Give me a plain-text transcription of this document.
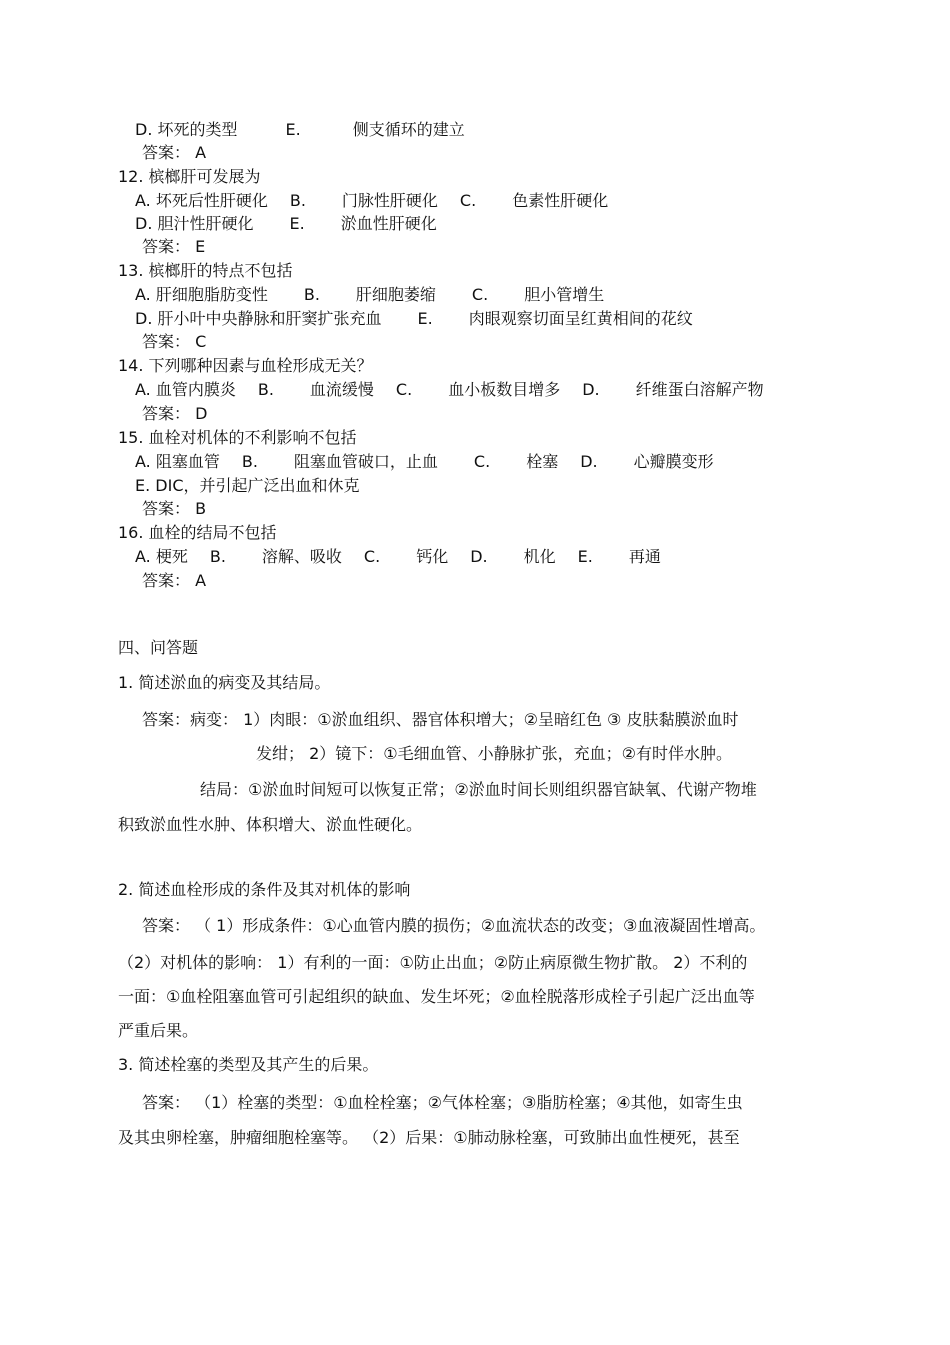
D. 坏死的类型	E.	侧支循环的建立
答案： A
12. 槟榔肝可发展为
A. 坏死后性肝硬化 B. 门脉性肝硬化 C. 色素性肝硬化
D. 胆汁性肝硬化 E. 淤血性肝硬化
答案： E
13. 槟榔肝的特点不包括
A. 肝细胞脂肪变性 B. 肝细胞萎缩 C. 胆小管增生
D. 肝小叶中央静脉和肝窦扩张充血 E. 肉眼观察切面呈红黄相间的花纹
答案： C
14. 下列哪种因素与血栓形成无关？
A. 血管内膜炎 B. 血流缓慢 C. 血小板数目增多 D. 纤维蛋白溶解产物
答案： D
15. 血栓对机体的不利影响不包括
A. 阻塞血管 B. 阻塞血管破口，止血 C. 栓塞 D. 心瓣膜变形
E. DIC，并引起广泛出血和休克
答案： B
16. 血栓的结局不包括
A. 梗死 B. 溶解、吸收 C. 钙化 D. 机化 E. 再通
答案： A
四、问答题
1. 简述淤血的病变及其结局。
答案：病变： 1）肉眼：①淤血组织、器官体积增大；②呈暗红色 ③ 皮肤黏膜淤血时
发绀； 2）镜下：①毛细血管、小静脉扩张，充血；②有时伴水肿。
结局：①淤血时间短可以恢复正常；②淤血时间长则组织器官缺氧、代谢产物堆
积致淤血性水肿、体积增大、淤血性硬化。
2. 简述血栓形成的条件及其对机体的影响
答案： （ 1）形成条件：①心血管内膜的损伤；②血流状态的改变；③血液凝固性增高。
（2）对机体的影响： 1）有利的一面：①防止出血；②防止病原微生物扩散。 2）不利的
一面：①血栓阻塞血管可引起组织的缺血、发生坏死；②血栓脱落形成栓子引起广泛出血等
严重后果。
3. 简述栓塞的类型及其产生的后果。
答案： （1）栓塞的类型：①血栓栓塞；②气体栓塞；③脂肪栓塞；④其他，如寄生虫
及其虫卵栓塞，肿瘤细胞栓塞等。 （2）后果：①肺动脉栓塞，可致肺出血性梗死，甚至
